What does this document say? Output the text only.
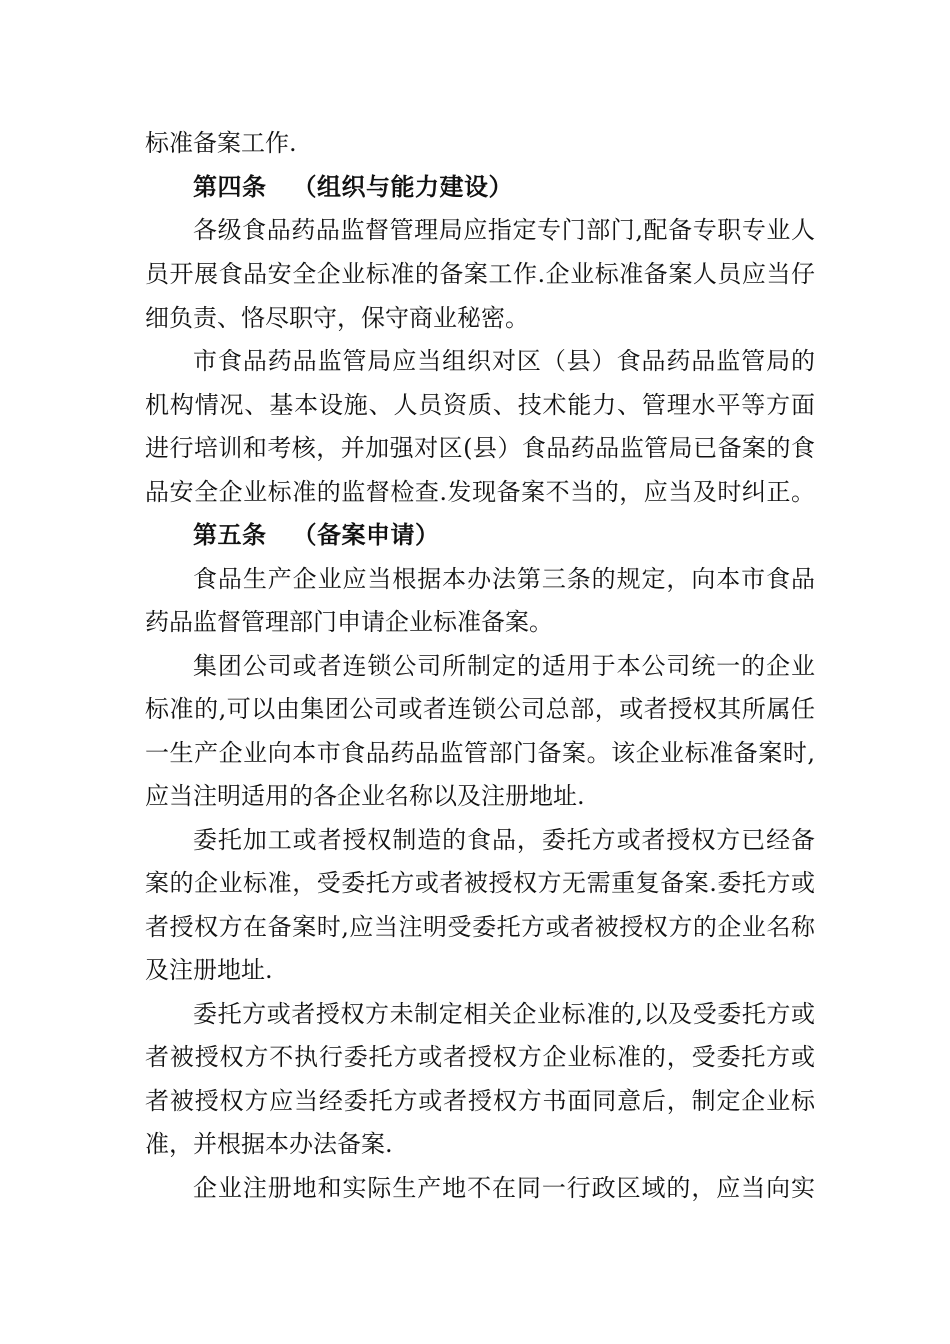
标准备案工作.
第四条 （组织与能力建设）
各级食品药品监督管理局应指定专门部门,配备专职专业人
员开展食品安全企业标准的备案工作.企业标准备案人员应当仔
细负责、恪尽职守，保守商业秘密。
市食品药品监管局应当组织对区（县）食品药品监管局的
机构情况、基本设施、人员资质、技术能力、管理水平等方面
进行培训和考核，并加强对区(县）食品药品监管局已备案的食
品安全企业标准的监督检查.发现备案不当的，应当及时纠正。
第五条 （备案申请）
食品生产企业应当根据本办法第三条的规定，向本市食品
药品监督管理部门申请企业标准备案。
集团公司或者连锁公司所制定的适用于本公司统一的企业
标准的,可以由集团公司或者连锁公司总部，或者授权其所属任
一生产企业向本市食品药品监管部门备案。该企业标准备案时,
应当注明适用的各企业名称以及注册地址.
委托加工或者授权制造的食品，委托方或者授权方已经备
案的企业标准，受委托方或者被授权方无需重复备案.委托方或
者授权方在备案时,应当注明受委托方或者被授权方的企业名称
及注册地址.
委托方或者授权方未制定相关企业标准的,以及受委托方或
者被授权方不执行委托方或者授权方企业标准的，受委托方或
者被授权方应当经委托方或者授权方书面同意后，制定企业标
准，并根据本办法备案.
企业注册地和实际生产地不在同一行政区域的，应当向实
